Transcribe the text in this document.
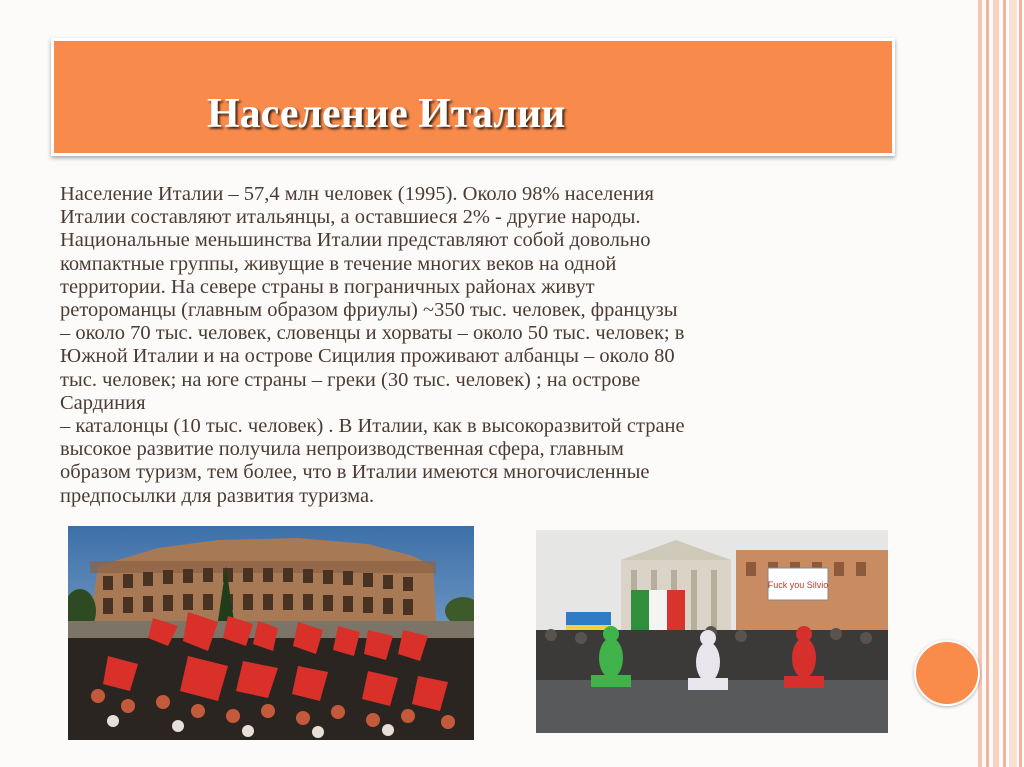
Население Италии

Население Италии – 57,4 млн человек (1995). Около 98% населения
Италии составляют итальянцы, а оставшиеся 2% - другие народы.
Национальные меньшинства Италии представляют собой довольно
компактные группы, живущие в течение многих веков на одной
территории. На севере страны в пограничных районах живут
ретороманцы (главным образом фриулы) ~350 тыс. человек, французы
– около 70 тыс. человек, словенцы и хорваты – около 50 тыс. человек; в
Южной Италии и на острове Сицилия проживают албанцы – около 80
тыс. человек; на юге страны – греки (30 тыс. человек) ; на острове
Сардиния
– каталонцы (10 тыс. человек) . В Италии, как в высокоразвитой стране
высокое развитие получила непроизводственная сфера, главным
образом туризм, тем более, что в Италии имеются многочисленные
предпосылки для развития туризма.

Fuck you Silvio
